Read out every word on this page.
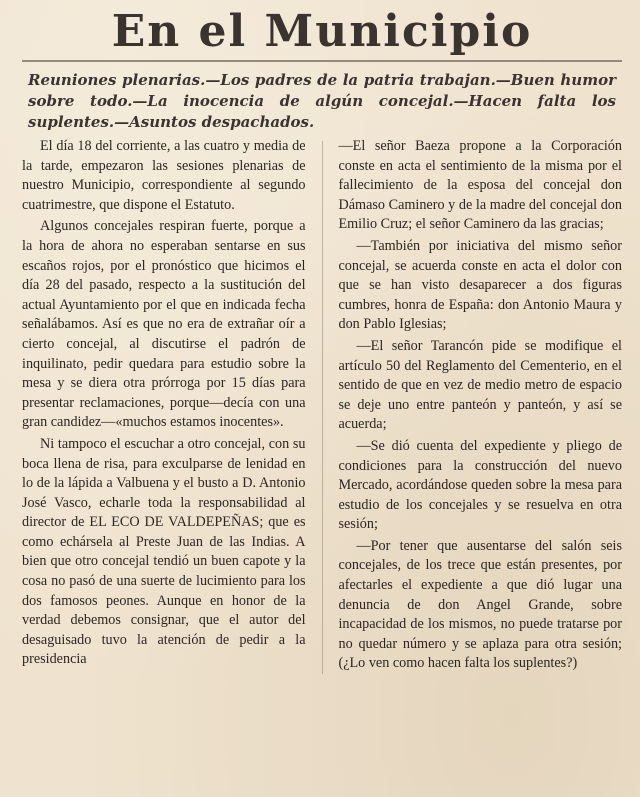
En el Municipio

Reuniones plenarias.—Los padres de la patria trabajan.—Buen humor sobre todo.—La inocencia de algún concejal.—Hacen falta los suplentes.—Asuntos despachados.

El día 18 del corriente, a las cuatro y media de la tarde, empezaron las sesiones plenarias de nuestro Municipio, correspondiente al segundo cuatrimestre, que dispone el Estatuto.

Algunos concejales respiran fuerte, porque a la hora de ahora no esperaban sentarse en sus escaños rojos, por el pronóstico que hicimos el día 28 del pasado, respecto a la sustitución del actual Ayuntamiento por el que en indicada fecha señalábamos. Así es que no era de extrañar oír a cierto concejal, al discutirse el padrón de inquilinato, pedir quedara para estudio sobre la mesa y se diera otra prórroga por 15 días para presentar reclamaciones, porque—decía con una gran candidez—«muchos estamos inocentes».

Ni tampoco el escuchar a otro concejal, con su boca llena de risa, para exculparse de lenidad en lo de la lápida a Valbuena y el busto a D. Antonio José Vasco, echarle toda la responsabilidad al director de EL ECO DE VALDEPEÑAS; que es como echársela al Preste Juan de las Indias. A bien que otro concejal tendió un buen capote y la cosa no pasó de una suerte de lucimiento para los dos famosos peones. Aunque en honor de la verdad debemos consignar, que el autor del desaguisado tuvo la atención de pedir a la presidencia

—El señor Baeza propone a la Corporación conste en acta el sentimiento de la misma por el fallecimiento de la esposa del concejal don Dámaso Caminero y de la madre del concejal don Emilio Cruz; el señor Caminero da las gracias;

—También por iniciativa del mismo señor concejal, se acuerda conste en acta el dolor con que se han visto desaparecer a dos figuras cumbres, honra de España: don Antonio Maura y don Pablo Iglesias;

—El señor Tarancón pide se modifique el artículo 50 del Reglamento del Cementerio, en el sentido de que en vez de medio metro de espacio se deje uno entre panteón y panteón, y así se acuerda;

—Se dió cuenta del expediente y pliego de condiciones para la construcción del nuevo Mercado, acordándose queden sobre la mesa para estudio de los concejales y se resuelva en otra sesión;

—Por tener que ausentarse del salón seis concejales, de los trece que están presentes, por afectarles el expediente a que dió lugar una denuncia de don Angel Grande, sobre incapacidad de los mismos, no puede tratarse por no quedar número y se aplaza para otra sesión; (¿Lo ven como hacen falta los suplentes?)
